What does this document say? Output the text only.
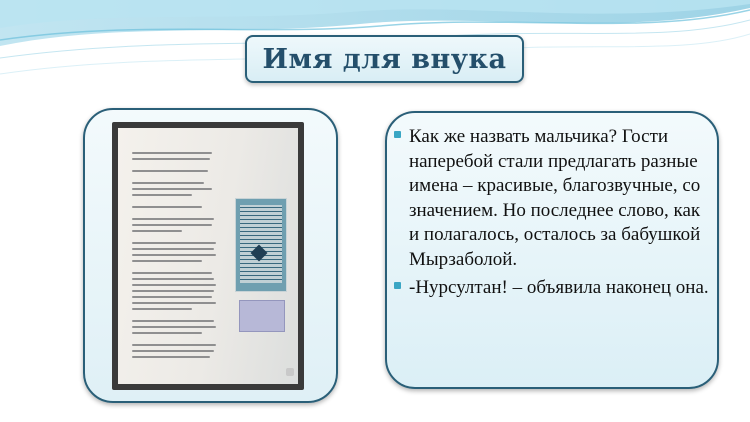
Имя для внука
Как же назвать мальчика? Гости наперебой стали предлагать разные имена – красивые, благозвучные, со значением. Но последнее слово, как и полагалось, осталось за бабушкой Мырзаболой.
-Нурсултан! – объявила наконец она.
